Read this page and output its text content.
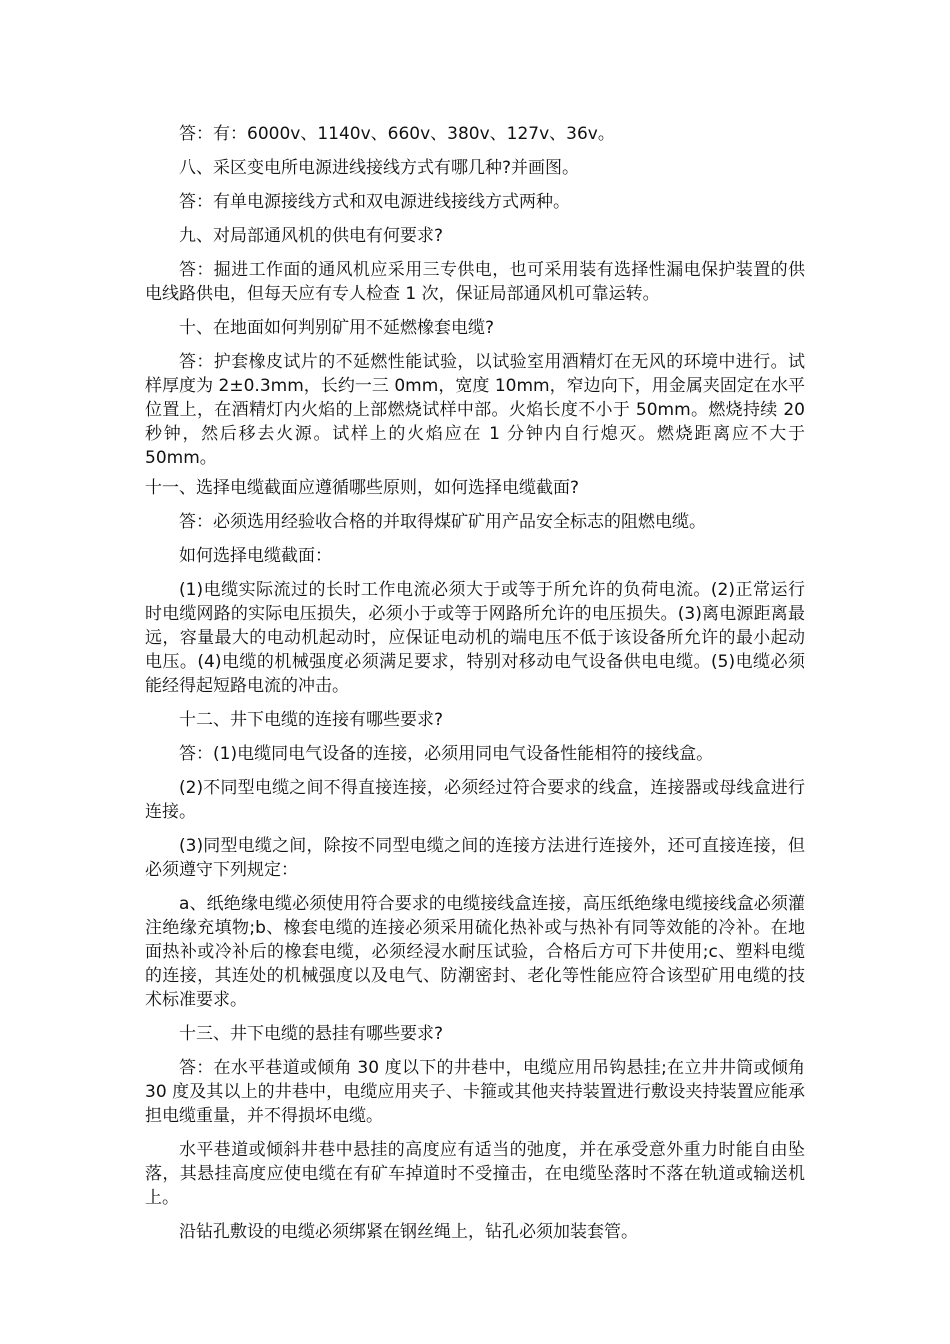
答：有：6000v、1140v、660v、380v、127v、36v。

八、采区变电所电源进线接线方式有哪几种?并画图。

答：有单电源接线方式和双电源进线接线方式两种。

九、对局部通风机的供电有何要求?

答：掘进工作面的通风机应采用三专供电，也可采用装有选择性漏电保护装置的供电线路供电，但每天应有专人检查 1 次，保证局部通风机可靠运转。

十、在地面如何判别矿用不延燃橡套电缆?

答：护套橡皮试片的不延燃性能试验，以试验室用酒精灯在无风的环境中进行。试样厚度为 2±0.3mm，长约一三 0mm，宽度 10mm，窄边向下，用金属夹固定在水平位置上，在酒精灯内火焰的上部燃烧试样中部。火焰长度不小于 50mm。燃烧持续 20 秒钟，然后移去火源。试样上的火焰应在 1 分钟内自行熄灭。燃烧距离应不大于 50mm。

十一、选择电缆截面应遵循哪些原则，如何选择电缆截面?

答：必须选用经验收合格的并取得煤矿矿用产品安全标志的阻燃电缆。

如何选择电缆截面：

(1)电缆实际流过的长时工作电流必须大于或等于所允许的负荷电流。(2)正常运行时电缆网路的实际电压损失，必须小于或等于网路所允许的电压损失。(3)离电源距离最远，容量最大的电动机起动时，应保证电动机的端电压不低于该设备所允许的最小起动电压。(4)电缆的机械强度必须满足要求，特别对移动电气设备供电电缆。(5)电缆必须能经得起短路电流的冲击。

十二、井下电缆的连接有哪些要求?

答：(1)电缆同电气设备的连接，必须用同电气设备性能相符的接线盒。

(2)不同型电缆之间不得直接连接，必须经过符合要求的线盒，连接器或母线盒进行连接。

(3)同型电缆之间，除按不同型电缆之间的连接方法进行连接外，还可直接连接，但必须遵守下列规定：

a、纸绝缘电缆必须使用符合要求的电缆接线盒连接，高压纸绝缘电缆接线盒必须灌注绝缘充填物;b、橡套电缆的连接必须采用硫化热补或与热补有同等效能的冷补。在地面热补或冷补后的橡套电缆，必须经浸水耐压试验，合格后方可下井使用;c、塑料电缆的连接，其连处的机械强度以及电气、防潮密封、老化等性能应符合该型矿用电缆的技术标准要求。

十三、井下电缆的悬挂有哪些要求?

答：在水平巷道或倾角 30 度以下的井巷中，电缆应用吊钩悬挂;在立井井筒或倾角 30 度及其以上的井巷中，电缆应用夹子、卡箍或其他夹持装置进行敷设夹持装置应能承担电缆重量，并不得损坏电缆。

水平巷道或倾斜井巷中悬挂的高度应有适当的弛度，并在承受意外重力时能自由坠落，其悬挂高度应使电缆在有矿车掉道时不受撞击，在电缆坠落时不落在轨道或输送机上。

沿钻孔敷设的电缆必须绑紧在钢丝绳上，钻孔必须加装套管。
